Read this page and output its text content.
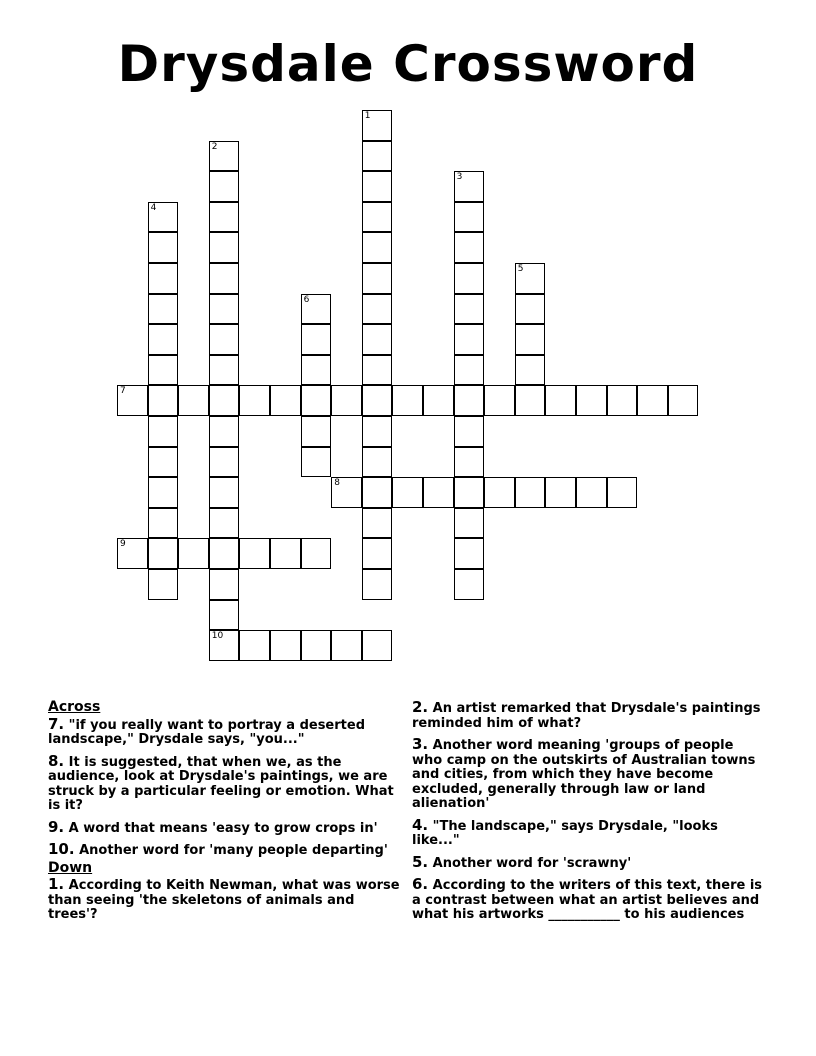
Drysdale Crossword
1
2
10
3
4
5
6
7
8
9
Across
7. "if you really want to portray a deserted landscape," Drysdale says, "you..."
8. It is suggested, that when we, as the audience, look at Drysdale's paintings, we are struck by a particular feeling or emotion. What is it?
9. A word that means 'easy to grow crops in'
10. Another word for 'many people departing'
Down
1. According to Keith Newman, what was worse than seeing 'the skeletons of animals and trees'?
2. An artist remarked that Drysdale's paintings reminded him of what?
3. Another word meaning 'groups of people who camp on the outskirts of Australian towns and cities, from which they have become excluded, generally through law or land alienation'
4. "The landscape," says Drysdale, "looks like..."
5. Another word for 'scrawny'
6. According to the writers of this text, there is a contrast between what an artist believes and what his artworks ___________ to his audiences
